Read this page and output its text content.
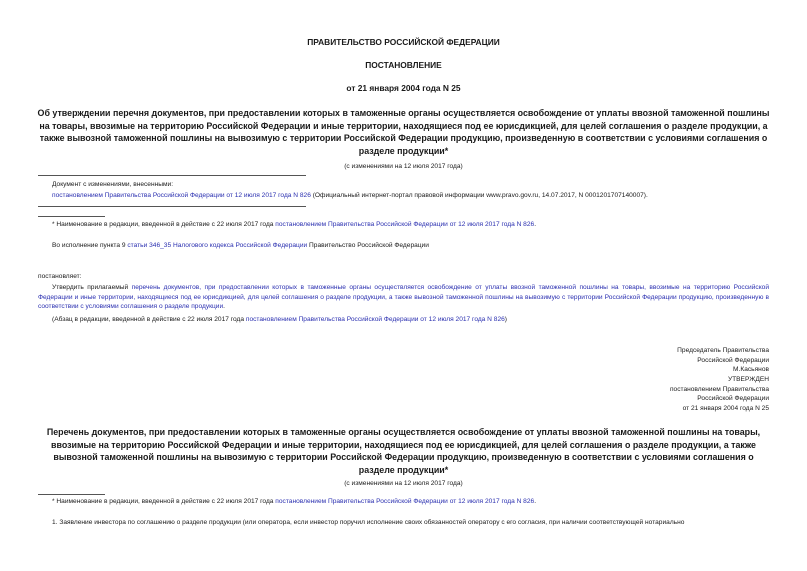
ПРАВИТЕЛЬСТВО РОССИЙСКОЙ ФЕДЕРАЦИИ
ПОСТАНОВЛЕНИЕ
от 21 января 2004 года N 25
Об утверждении перечня документов, при предоставлении которых в таможенные органы осуществляется освобождение от уплаты ввозной таможенной пошлины
на товары, ввозимые на территорию Российской Федерации и иные территории, находящиеся под ее юрисдикцией, для целей соглашения о разделе продукции, а
также вывозной таможенной пошлины на вывозимую с территории Российской Федерации продукцию, произведенную в соответствии с условиями соглашения о
разделе продукции*
(с изменениями на 12 июля 2017 года)
Документ с изменениями, внесенными:
постановлением Правительства Российской Федерации от 12 июля 2017 года N 826 (Официальный интернет-портал правовой информации www.pravo.gov.ru, 14.07.2017, N 0001201707140007).
* Наименование в редакции, введенной в действие с 22 июля 2017 года постановлением Правительства Российской Федерации от 12 июля 2017 года N 826.
Во исполнение пункта 9 статьи 346_35 Налогового кодекса Российской Федерации Правительство Российской Федерации
постановляет:
Утвердить прилагаемый перечень документов, при предоставлении которых в таможенные органы осуществляется освобождение от уплаты ввозной таможенной пошлины на товары, ввозимые на территорию Российской Федерации и иные территории, находящиеся под ее юрисдикцией, для целей соглашения о разделе продукции, а также вывозной таможенной пошлины на вывозимую с территории Российской Федерации продукцию, произведенную в соответствии с условиями соглашения о разделе продукции.
(Абзац в редакции, введенной в действие с 22 июля 2017 года постановлением Правительства Российской Федерации от 12 июля 2017 года N 826)
Председатель Правительства
Российской Федерации
М.Касьянов
УТВЕРЖДЕН
постановлением Правительства
Российской Федерации
от 21 января 2004 года N 25
Перечень документов, при предоставлении которых в таможенные органы осуществляется освобождение от уплаты ввозной таможенной пошлины на товары,
ввозимые на территорию Российской Федерации и иные территории, находящиеся под ее юрисдикцией, для целей соглашения о разделе продукции, а также
вывозной таможенной пошлины на вывозимую с территории Российской Федерации продукцию, произведенную в соответствии с условиями соглашения о
разделе продукции*
(с изменениями на 12 июля 2017 года)
* Наименование в редакции, введенной в действие с 22 июля 2017 года постановлением Правительства Российской Федерации от 12 июля 2017 года N 826.
1. Заявление инвестора по соглашению о разделе продукции (или оператора, если инвестор поручил исполнение своих обязанностей оператору с его согласия, при наличии соответствующей нотариально
